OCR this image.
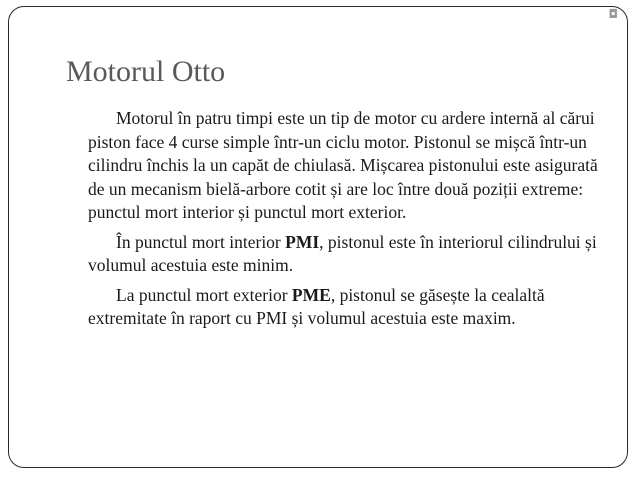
◘
Motorul Otto

Motorul în patru timpi este un tip de motor cu ardere internă al cărui piston face 4 curse simple într-un ciclu motor. Pistonul se mișcă într-un cilindru închis la un capăt de chiulasă. Mișcarea pistonului este asigurată de un mecanism bielă-arbore cotit și are loc între două poziții extreme: punctul mort interior și punctul mort exterior.

În punctul mort interior PMI, pistonul este în interiorul cilindrului și volumul acestuia este minim.

La punctul mort exterior PME, pistonul se găsește la cealaltă extremitate în raport cu PMI și volumul acestuia este maxim.
